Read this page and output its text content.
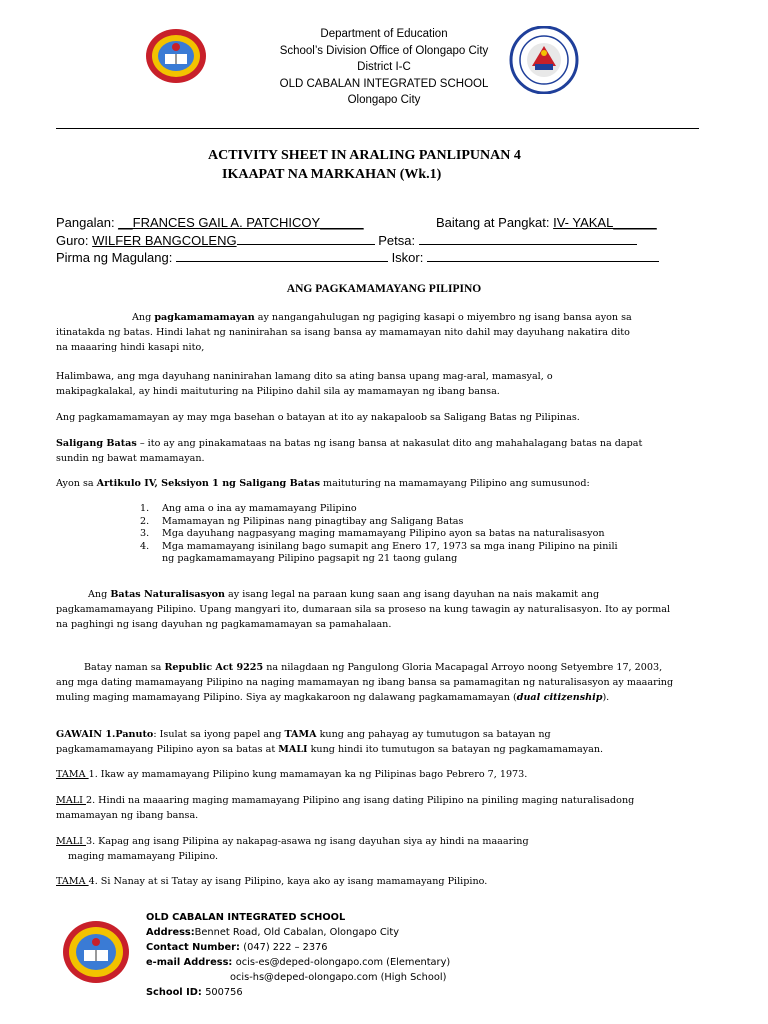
Department of Education
School’s Division Office of Olongapo City
District I-C
OLD CABALAN INTEGRATED SCHOOL
Olongapo City
ACTIVITY SHEET IN ARALING PANLIPUNAN 4
IKAAPAT NA MARKAHAN (Wk.1)
Pangalan: __FRANCES GAIL A. PATCHICOY______	Baitang at Pangkat: IV- YAKAL______
Guro: WILFER BANGCOLENG	Petsa:
Pirma ng Magulang:	Iskor:
ANG PAGKAMAMAYANG PILIPINO

Ang pagkamamamayan ay nangangahulugan ng pagiging kasapi o miyembro ng isang bansa ayon sa

itinatakda ng batas. Hindi lahat ng naninirahan sa isang bansa ay mamamayan nito dahil may dayuhang nakatira dito

na maaaring hindi kasapi nito,

Halimbawa, ang mga dayuhang naninirahan lamang dito sa ating bansa upang mag-aral, mamasyal, o

makipagkalakal, ay hindi maituturing na Pilipino dahil sila ay mamamayan ng ibang bansa.

Ang pagkamamamayan ay may mga basehan o batayan at ito ay nakapaloob sa Saligang Batas ng Pilipinas.

Saligang Batas – ito ay ang pinakamataas na batas ng isang bansa at nakasulat dito ang mahahalagang batas na dapat

sundin ng bawat mamamayan.

Ayon sa Artikulo IV, Seksiyon 1 ng Saligang Batas maituturing na mamamayang Pilipino ang sumusunod:

1.	Ang ama o ina ay mamamayang Pilipino
2.	Mamamayan ng Pilipinas nang pinagtibay ang Saligang Batas
3.	Mga dayuhang nagpasyang maging mamamayang Pilipino ayon sa batas na naturalisasyon
4.	Mga mamamayang isinilang bago sumapit ang Enero 17, 1973 sa mga inang Pilipino na pinili
ng pagkamamamayang Pilipino pagsapit ng 21 taong gulang

Ang Batas Naturalisasyon ay isang legal na paraan kung saan ang isang dayuhan na nais makamit ang

pagkamamamayang Pilipino. Upang mangyari ito, dumaraan sila sa proseso na kung tawagin ay naturalisasyon. Ito ay pormal

na paghingi ng isang dayuhan ng pagkamamamayan sa pamahalaan.

Batay naman sa Republic Act 9225 na nilagdaan ng Pangulong Gloria Macapagal Arroyo noong Setyembre 17, 2003,

ang mga dating mamamayang Pilipino na naging mamamayan ng ibang bansa sa pamamagitan ng naturalisasyon ay maaaring

muling maging mamamayang Pilipino. Siya ay magkakaroon ng dalawang pagkamamamayan (dual citizenship).

GAWAIN 1.Panuto: Isulat sa iyong papel ang TAMA kung ang pahayag ay tumutugon sa batayan ng

pagkamamamayang Pilipino ayon sa batas at MALI kung hindi ito tumutugon sa batayan ng pagkamamamayan.

TAMA 1. Ikaw ay mamamayang Pilipino kung mamamayan ka ng Pilipinas bago Pebrero 7, 1973.

MALI 2. Hindi na maaaring maging mamamayang Pilipino ang isang dating Pilipino na piniling maging naturalisadong

mamamayan ng ibang bansa.

MALI 3. Kapag ang isang Pilipina ay nakapag-asawa ng isang dayuhan siya ay hindi na maaaring

maging mamamayang Pilipino.

TAMA 4. Si Nanay at si Tatay ay isang Pilipino, kaya ako ay isang mamamayang Pilipino.

OLD CABALAN INTEGRATED SCHOOL
Address:Bennet Road, Old Cabalan, Olongapo City
Contact Number: (047) 222 – 2376
e-mail Address: ocis-es@deped-olongapo.com (Elementary)
ocis-hs@deped-olongapo.com (High School)
School ID: 500756
